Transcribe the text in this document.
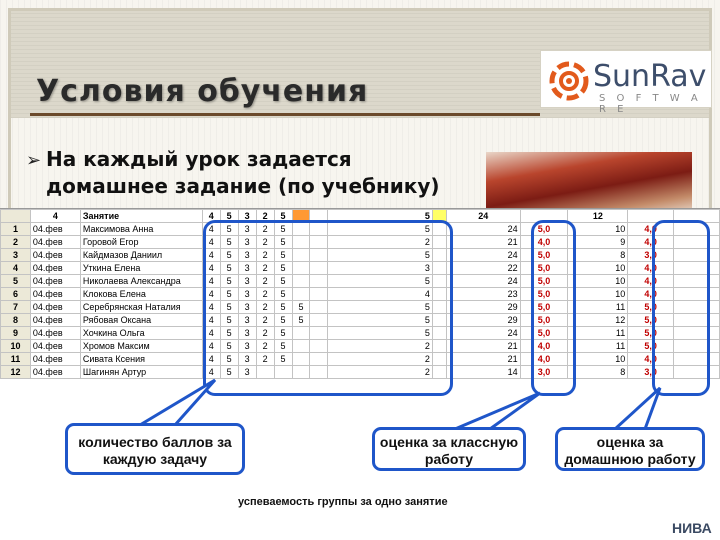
Условия обучения	SunRav
S O F T W A R E
➢ На каждый урок задается домашнее задание (по учебнику)
	4	Занятие	4	5	3	2	5			5		24		12		
1	04.фев	Максимова Анна	4	5	3	2	5			5		24	5,0	10	4,0	
2	04.фев	Горовой Егор	4	5	3	2	5			2		21	4,0	9	4,0	
3	04.фев	Кайдмазов Даниил	4	5	3	2	5			5		24	5,0	8	3,0	
4	04.фев	Уткина Елена	4	5	3	2	5			3		22	5,0	10	4,0	
5	04.фев	Николаева Александра	4	5	3	2	5			5		24	5,0	10	4,0	
6	04.фев	Клокова Елена	4	5	3	2	5			4		23	5,0	10	4,0	
7	04.фев	Серебрянская Наталия	4	5	3	2	5	5		5		29	5,0	11	5,0	
8	04.фев	Рябовая Оксана	4	5	3	2	5	5		5		29	5,0	12	5,0	
9	04.фев	Хочкина Ольга	4	5	3	2	5			5		24	5,0	11	5,0	
10	04.фев	Хромов Максим	4	5	3	2	5			2		21	4,0	11	5,0	
11	04.фев	Сивата Ксения	4	5	3	2	5			2		21	4,0	10	4,0	
12	04.фев	Шагинян Артур	4	5	3					2		14	3,0	8	3,0	
количество баллов за каждую задачу
оценка за классную работу
оценка за домашнюю работу
успеваемость группы за одно занятие
НИВА
